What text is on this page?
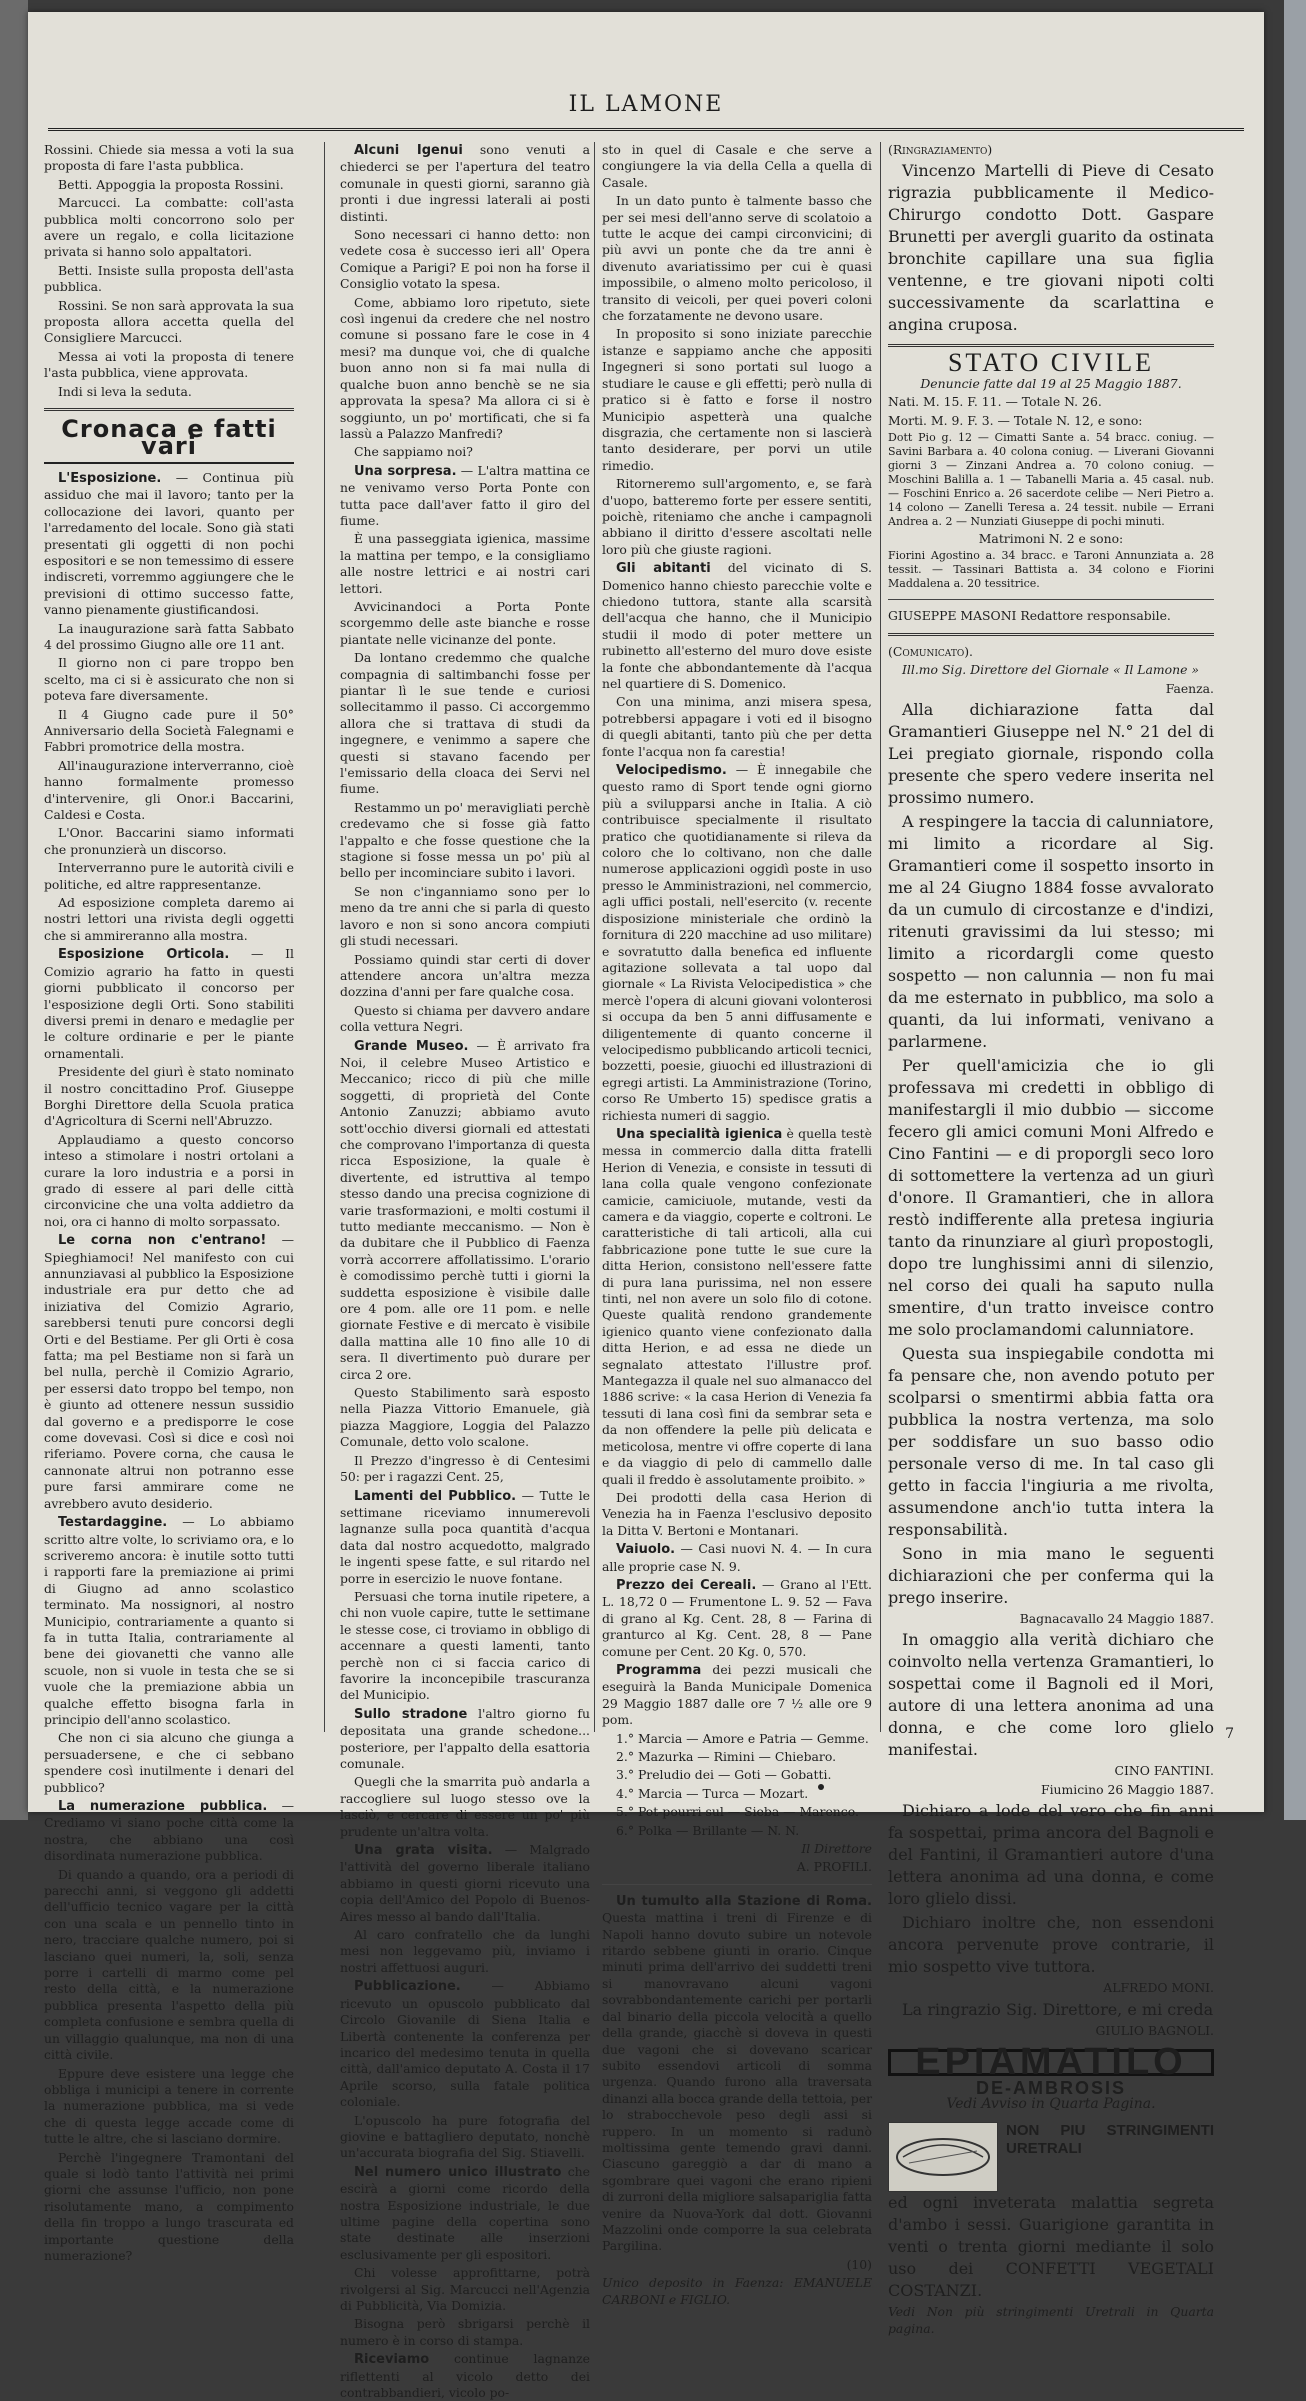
IL LAMONE

Rossini. Chiede sia messa a voti la sua proposta di fare l'asta pubblica.

Betti. Appoggia la proposta Rossini.

Marcucci. La combatte: coll'asta pubblica molti concorrono solo per avere un regalo, e colla licitazione privata si hanno solo appaltatori.

Betti. Insiste sulla proposta dell'asta pubblica.

Rossini. Se non sarà approvata la sua proposta allora accetta quella del Consigliere Marcucci.

Messa ai voti la proposta di tenere l'asta pubblica, viene approvata.

Indi si leva la seduta.

Cronaca e fatti vari

L'Esposizione. — Continua più assiduo che mai il lavoro; tanto per la collocazione dei lavori, quanto per l'arredamento del locale. Sono già stati presentati gli oggetti di non pochi espositori e se non temessimo di essere indiscreti, vorremmo aggiungere che le previsioni di ottimo successo fatte, vanno pienamente giustificandosi.

La inaugurazione sarà fatta Sabbato 4 del prossimo Giugno alle ore 11 ant.

Il giorno non ci pare troppo ben scelto, ma ci si è assicurato che non si poteva fare diversamente.

Il 4 Giugno cade pure il 50° Anniversario della Società Falegnami e Fabbri promotrice della mostra.

All'inaugurazione interverranno, cioè hanno formalmente promesso d'intervenire, gli Onor.i Baccarini, Caldesi e Costa.

L'Onor. Baccarini siamo informati che pronunzierà un discorso.

Interverranno pure le autorità civili e politiche, ed altre rappresentanze.

Ad esposizione completa daremo ai nostri lettori una rivista degli oggetti che si ammireranno alla mostra.

Esposizione Orticola. — Il Comizio agrario ha fatto in questi giorni pubblicato il concorso per l'esposizione degli Orti. Sono stabiliti diversi premi in denaro e medaglie per le colture ordinarie e per le piante ornamentali.

Presidente del giurì è stato nominato il nostro concittadino Prof. Giuseppe Borghi Direttore della Scuola pratica d'Agricoltura di Scerni nell'Abruzzo.

Applaudiamo a questo concorso inteso a stimolare i nostri ortolani a curare la loro industria e a porsi in grado di essere al pari delle città circonvicine che una volta addietro da noi, ora ci hanno di molto sorpassato.

Le corna non c'entrano! — Spieghiamoci! Nel manifesto con cui annunziavasi al pubblico la Esposizione industriale era pur detto che ad iniziativa del Comizio Agrario, sarebbersi tenuti pure concorsi degli Orti e del Bestiame. Per gli Orti è cosa fatta; ma pel Bestiame non si farà un bel nulla, perchè il Comizio Agrario, per essersi dato troppo bel tempo, non è giunto ad ottenere nessun sussidio dal governo e a predisporre le cose come dovevasi. Così si dice e così noi riferiamo. Povere corna, che causa le cannonate altrui non potranno esse pure farsi ammirare come ne avrebbero avuto desiderio.

Testardaggine. — Lo abbiamo scritto altre volte, lo scriviamo ora, e lo scriveremo ancora: è inutile sotto tutti i rapporti fare la premiazione ai primi di Giugno ad anno scolastico terminato. Ma nossignori, al nostro Municipio, contrariamente a quanto si fa in tutta Italia, contrariamente al bene dei giovanetti che vanno alle scuole, non si vuole in testa che se si vuole che la premiazione abbia un qualche effetto bisogna farla in principio dell'anno scolastico.

Che non ci sia alcuno che giunga a persuadersene, e che ci sebbano spendere così inutilmente i denari del pubblico?

La numerazione pubblica. — Crediamo vi siano poche città come la nostra, che abbiano una così disordinata numerazione pubblica.

Di quando a quando, ora a periodi di parecchi anni, si veggono gli addetti dell'ufficio tecnico vagare per la città con una scala e un pennello tinto in nero, tracciare qualche numero, poi si lasciano quei numeri, la, soli, senza porre i cartelli di marmo come pel resto della città, e la numerazione pubblica presenta l'aspetto della più completa confusione e sembra quella di un villaggio qualunque, ma non di una città civile.

Eppure deve esistere una legge che obbliga i municipi a tenere in corrente la numerazione pubblica, ma si vede che di questa legge accade come di tutte le altre, che si lasciano dormire.

Perchè l'ingegnere Tramontani del quale si lodò tanto l'attività nei primi giorni che assunse l'ufficio, non pone risolutamente mano, a compimento della fin troppo a lungo trascurata ed importante questione della numerazione?

Alcuni Igenui sono venuti a chiederci se per l'apertura del teatro comunale in questi giorni, saranno già pronti i due ingressi laterali ai posti distinti.

Sono necessari ci hanno detto: non vedete cosa è successo ieri all' Opera Comique a Parigi? E poi non ha forse il Consiglio votato la spesa.

Come, abbiamo loro ripetuto, siete così ingenui da credere che nel nostro comune si possano fare le cose in 4 mesi? ma dunque voi, che di qualche buon anno non si fa mai nulla di qualche buon anno benchè se ne sia approvata la spesa? Ma allora ci si è soggiunto, un po' mortificati, che si fa lassù a Palazzo Manfredi?

Che sappiamo noi?

Una sorpresa. — L'altra mattina ce ne venivamo verso Porta Ponte con tutta pace dall'aver fatto il giro del fiume.

È una passeggiata igienica, massime la mattina per tempo, e la consigliamo alle nostre lettrici e ai nostri cari lettori.

Avvicinandoci a Porta Ponte scorgemmo delle aste bianche e rosse piantate nelle vicinanze del ponte.

Da lontano credemmo che qualche compagnia di saltimbanchi fosse per piantar lì le sue tende e curiosi sollecitammo il passo. Ci accorgemmo allora che si trattava di studi da ingegnere, e venimmo a sapere che questi si stavano facendo per l'emissario della cloaca dei Servi nel fiume.

Restammo un po' meravigliati perchè credevamo che si fosse già fatto l'appalto e che fosse questione che la stagione si fosse messa un po' più al bello per incominciare subito i lavori.

Se non c'inganniamo sono per lo meno da tre anni che si parla di questo lavoro e non si sono ancora compiuti gli studi necessari.

Possiamo quindi star certi di dover attendere ancora un'altra mezza dozzina d'anni per fare qualche cosa.

Questo si chiama per davvero andare colla vettura Negri.

Grande Museo. — È arrivato fra Noi, il celebre Museo Artistico e Meccanico; ricco di più che mille soggetti, di proprietà del Conte Antonio Zanuzzi; abbiamo avuto sott'occhio diversi giornali ed attestati che comprovano l'importanza di questa ricca Esposizione, la quale è divertente, ed istruttiva al tempo stesso dando una precisa cognizione di varie trasformazioni, e molti costumi il tutto mediante meccanismo. — Non è da dubitare che il Pubblico di Faenza vorrà accorrere affollatissimo. L'orario è comodissimo perchè tutti i giorni la suddetta esposizione è visibile dalle ore 4 pom. alle ore 11 pom. e nelle giornate Festive e di mercato è visibile dalla mattina alle 10 fino alle 10 di sera. Il divertimento può durare per circa 2 ore.

Questo Stabilimento sarà esposto nella Piazza Vittorio Emanuele, già piazza Maggiore, Loggia del Palazzo Comunale, detto volo scalone.

Il Prezzo d'ingresso è di Centesimi 50: per i ragazzi Cent. 25,

Lamenti del Pubblico. — Tutte le settimane riceviamo innumerevoli lagnanze sulla poca quantità d'acqua data dal nostro acquedotto, malgrado le ingenti spese fatte, e sul ritardo nel porre in esercizio le nuove fontane.

Persuasi che torna inutile ripetere, a chi non vuole capire, tutte le settimane le stesse cose, ci troviamo in obbligo di accennare a questi lamenti, tanto perchè non ci si faccia carico di favorire la inconcepibile trascuranza del Municipio.

Sullo stradone l'altro giorno fu depositata una grande schedone... posteriore, per l'appalto della esattoria comunale.

Quegli che la smarrita può andarla a raccogliere sul luogo stesso ove la lasciò, e cercare di essere un po' più prudente un'altra volta.

Una grata visita. — Malgrado l'attività del governo liberale italiano abbiamo in questi giorni ricevuto una copia dell'Amico del Popolo di Buenos-Aires messo al bando dall'Italia.

Al caro confratello che da lunghi mesi non leggevamo più, inviamo i nostri affettuosi auguri.

Pubblicazione. — Abbiamo ricevuto un opuscolo pubblicato dal Circolo Giovanile di Siena Italia e Libertà contenente la conferenza per incarico del medesimo tenuta in quella città, dall'amico deputato A. Costa il 17 Aprile scorso, sulla fatale politica coloniale.

L'opuscolo ha pure fotografia del giovine e battagliero deputato, nonchè un'accurata biografia del Sig. Stiavelli.

Nel numero unico illustrato che escirà a giorni come ricordo della nostra Esposizione industriale, le due ultime pagine della copertina sono state destinate alle inserzioni esclusivamente per gli espositori.

Chi volesse approfittarne, potrà rivolgersi al Sig. Marcucci nell'Agenzia di Pubblicità, Via Domizia.

Bisogna però sbrigarsi perchè il numero è in corso di stampa.

Riceviamo continue lagnanze riflettenti al vicolo detto dei contrabbandieri, vicolo po-

sto in quel di Casale e che serve a congiungere la via della Cella a quella di Casale.

In un dato punto è talmente basso che per sei mesi dell'anno serve di scolatoio a tutte le acque dei campi circonvicini; di più avvi un ponte che da tre anni è divenuto avariatissimo per cui è quasi impossibile, o almeno molto pericoloso, il transito di veicoli, per quei poveri coloni che forzatamente ne devono usare.

In proposito si sono iniziate parecchie istanze e sappiamo anche che appositi Ingegneri si sono portati sul luogo a studiare le cause e gli effetti; però nulla di pratico si è fatto e forse il nostro Municipio aspetterà una qualche disgrazia, che certamente non si lascierà tanto desiderare, per porvi un utile rimedio.

Ritorneremo sull'argomento, e, se farà d'uopo, batteremo forte per essere sentiti, poichè, riteniamo che anche i campagnoli abbiano il diritto d'essere ascoltati nelle loro più che giuste ragioni.

Gli abitanti del vicinato di S. Domenico hanno chiesto parecchie volte e chiedono tuttora, stante alla scarsità dell'acqua che hanno, che il Municipio studii il modo di poter mettere un rubinetto all'esterno del muro dove esiste la fonte che abbondantemente dà l'acqua nel quartiere di S. Domenico.

Con una minima, anzi misera spesa, potrebbersi appagare i voti ed il bisogno di quegli abitanti, tanto più che per detta fonte l'acqua non fa carestia!

Velocipedismo. — È innegabile che questo ramo di Sport tende ogni giorno più a svilupparsi anche in Italia. A ciò contribuisce specialmente il risultato pratico che quotidianamente si rileva da coloro che lo coltivano, non che dalle numerose applicazioni oggidì poste in uso presso le Amministrazioni, nel commercio, agli uffici postali, nell'esercito (v. recente disposizione ministeriale che ordinò la fornitura di 220 macchine ad uso militare) e sovratutto dalla benefica ed influente agitazione sollevata a tal uopo dal giornale « La Rivista Velocipedistica » che mercè l'opera di alcuni giovani volonterosi si occupa da ben 5 anni diffusamente e diligentemente di quanto concerne il velocipedismo pubblicando articoli tecnici, bozzetti, poesie, giuochi ed illustrazioni di egregi artisti. La Amministrazione (Torino, corso Re Umberto 15) spedisce gratis a richiesta numeri di saggio.

Una specialità igienica è quella testè messa in commercio dalla ditta fratelli Herion di Venezia, e consiste in tessuti di lana colla quale vengono confezionate camicie, camiciuole, mutande, vesti da camera e da viaggio, coperte e coltroni. Le caratteristiche di tali articoli, alla cui fabbricazione pone tutte le sue cure la ditta Herion, consistono nell'essere fatte di pura lana purissima, nel non essere tinti, nel non avere un solo filo di cotone. Queste qualità rendono grandemente igienico quanto viene confezionato dalla ditta Herion, e ad essa ne diede un segnalato attestato l'illustre prof. Mantegazza il quale nel suo almanacco del 1886 scrive: « la casa Herion di Venezia fa tessuti di lana così fini da sembrar seta e da non offendere la pelle più delicata e meticolosa, mentre vi offre coperte di lana e da viaggio di pelo di cammello dalle quali il freddo è assolutamente proibito. »

Dei prodotti della casa Herion di Venezia ha in Faenza l'esclusivo deposito la Ditta V. Bertoni e Montanari.

Vaiuolo. — Casi nuovi N. 4. — In cura alle proprie case N. 9.

Prezzo dei Cereali. — Grano al l'Ett. L. 18,72 0 — Frumentone L. 9. 52 — Fava di grano al Kg. Cent. 28, 8 — Farina di granturco al Kg. Cent. 28, 8 — Pane comune per Cent. 20 Kg. 0, 570.

Programma dei pezzi musicali che eseguirà la Banda Municipale Domenica 29 Maggio 1887 dalle ore 7 ½ alle ore 9 pom.

1.° Marcia — Amore e Patria — Gemme.

2.° Mazurka — Rimini — Chiebaro.

3.° Preludio dei — Goti — Gobatti.

4.° Marcia — Turca — Mozart.

5.° Pot-pourri sul — Sieba — Marenco.

6.° Polka — Brillante — N. N.

Il Direttore

A. PROFILI.

Un tumulto alla Stazione di Roma. Questa mattina i treni di Firenze e di Napoli hanno dovuto subire un notevole ritardo sebbene giunti in orario. Cinque minuti prima dell'arrivo dei suddetti treni si manovravano alcuni vagoni sovrabbondantemente carichi per portarli dal binario della piccola velocità a quello della grande, giacchè si doveva in questi due vagoni che si dovevano scaricar subito essendovi articoli di somma urgenza. Quando furono alla traversata dinanzi alla bocca grande della tettoia, per lo strabocchevole peso degli assi si ruppero. In un momento si radunò moltissima gente temendo gravi danni. Ciascuno gareggiò a dar di mano a sgombrare quei vagoni che erano ripieni di zurroni della migliore salsapariglia fatta venire da Nuova-York dal dott. Giovanni Mazzolini onde comporre la sua celebrata Pargilina.

(10)

Unico deposito in Faenza: EMANUELE CARBONI e FIGLIO.

(Ringraziamento)

Vincenzo Martelli di Pieve di Cesato rigrazia pubblicamente il Medico-Chirurgo condotto Dott. Gaspare Brunetti per avergli guarito da ostinata bronchite capillare una sua figlia ventenne, e tre giovani nipoti colti successivamente da scarlattina e angina cruposa.

STATO CIVILE

Denuncie fatte dal 19 al 25 Maggio 1887.

Nati. M. 15. F. 11. — Totale N. 26.

Morti. M. 9. F. 3. — Totale N. 12, e sono:

Dott Pio g. 12 — Cimatti Sante a. 54 bracc. coniug. — Savini Barbara a. 40 colona coniug. — Liverani Giovanni giorni 3 — Zinzani Andrea a. 70 colono coniug. — Moschini Balilla a. 1 — Tabanelli Maria a. 45 casal. nub. — Foschini Enrico a. 26 sacerdote celibe — Neri Pietro a. 14 colono — Zanelli Teresa a. 24 tessit. nubile — Errani Andrea a. 2 — Nunziati Giuseppe di pochi minuti.

Matrimoni N. 2 e sono:

Fiorini Agostino a. 34 bracc. e Taroni Annunziata a. 28 tessit. — Tassinari Battista a. 34 colono e Fiorini Maddalena a. 20 tessitrice.

GIUSEPPE MASONI Redattore responsabile.

(Comunicato).

Ill.mo Sig. Direttore del Giornale « Il Lamone »

Faenza.

Alla dichiarazione fatta dal Gramantieri Giuseppe nel N.° 21 del di Lei pregiato giornale, rispondo colla presente che spero vedere inserita nel prossimo numero.

A respingere la taccia di calunniatore, mi limito a ricordare al Sig. Gramantieri come il sospetto insorto in me al 24 Giugno 1884 fosse avvalorato da un cumulo di circostanze e d'indizi, ritenuti gravissimi da lui stesso; mi limito a ricordargli come questo sospetto — non calunnia — non fu mai da me esternato in pubblico, ma solo a quanti, da lui informati, venivano a parlarmene.

Per quell'amicizia che io gli professava mi credetti in obbligo di manifestargli il mio dubbio — siccome fecero gli amici comuni Moni Alfredo e Cino Fantini — e di proporgli seco loro di sottomettere la vertenza ad un giurì d'onore. Il Gramantieri, che in allora restò indifferente alla pretesa ingiuria tanto da rinunziare al giurì propostogli, dopo tre lunghissimi anni di silenzio, nel corso dei quali ha saputo nulla smentire, d'un tratto inveisce contro me solo proclamandomi calunniatore.

Questa sua inspiegabile condotta mi fa pensare che, non avendo potuto per scolparsi o smentirmi abbia fatta ora pubblica la nostra vertenza, ma solo per soddisfare un suo basso odio personale verso di me. In tal caso gli getto in faccia l'ingiuria a me rivolta, assumendone anch'io tutta intera la responsabilità.

Sono in mia mano le seguenti dichiarazioni che per conferma qui la prego inserire.

Bagnacavallo 24 Maggio 1887.

In omaggio alla verità dichiaro che coinvolto nella vertenza Gramantieri, lo sospettai come il Bagnoli ed il Mori, autore di una lettera anonima ad una donna, e che come loro glielo manifestai.

CINO FANTINI.

Fiumicino 26 Maggio 1887.

Dichiaro a lode del vero che fin anni fa sospettai, prima ancora del Bagnoli e del Fantini, il Gramantieri autore d'una lettera anonima ad una donna, e come loro glielo dissi.

Dichiaro inoltre che, non essendoni ancora pervenute prove contrarie, il mio sospetto vive tuttora.

ALFREDO MONI.

La ringrazio Sig. Direttore, e mi creda

GIULIO BAGNOLI.

EPIAMATILO
DE-AMBROSIS
Vedi Avviso in Quarta Pagina.
NON PIU STRINGIMENTI URETRALI

ed ogni inveterata malattia segreta d'ambo i sessi. Guarigione garantita in venti o trenta giorni mediante il solo uso dei CONFETTI VEGETALI COSTANZI.

Vedi Non più stringimenti Uretrali in Quarta pagina.

7
